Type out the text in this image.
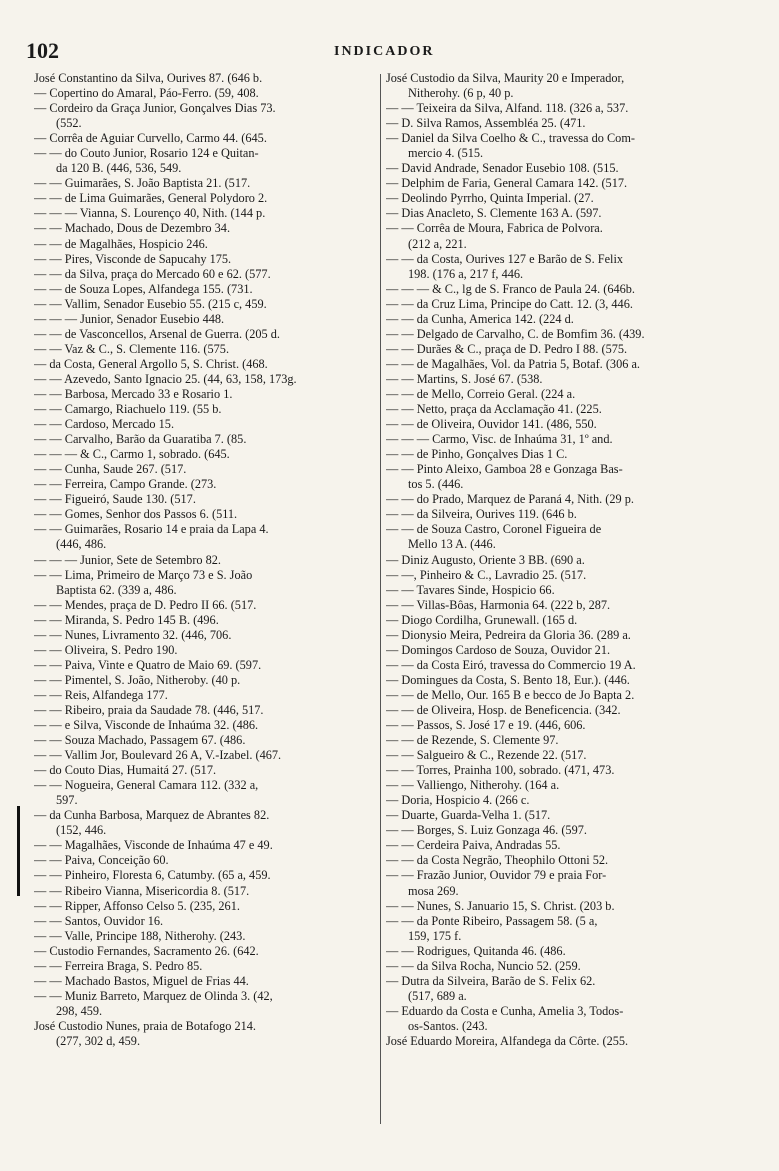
102	INDICADOR
José Constantino da Silva, Ourives 87. (646 b.
— Copertino do Amaral, Páo-Ferro. (59, 408.
— Cordeiro da Graça Junior, Gonçalves Dias 73.
(552.
— Corrêa de Aguiar Curvello, Carmo 44. (645.
— — do Couto Junior, Rosario 124 e Quitan-
da 120 B. (446, 536, 549.
— — Guimarães, S. João Baptista 21. (517.
— — de Lima Guimarães, General Polydoro 2.
— — — Vianna, S. Lourenço 40, Nith. (144 p.
— — Machado, Dous de Dezembro 34.
— — de Magalhães, Hospicio 246.
— — Pires, Visconde de Sapucahy 175.
— — da Silva, praça do Mercado 60 e 62. (577.
— — de Souza Lopes, Alfandega 155. (731.
— — Vallim, Senador Eusebio 55. (215 c, 459.
— — — Junior, Senador Eusebio 448.
— — de Vasconcellos, Arsenal de Guerra. (205 d.
— — Vaz & C., S. Clemente 116. (575.
— da Costa, General Argollo 5, S. Christ. (468.
— — Azevedo, Santo Ignacio 25. (44, 63, 158, 173g.
— — Barbosa, Mercado 33 e Rosario 1.
— — Camargo, Riachuelo 119. (55 b.
— — Cardoso, Mercado 15.
— — Carvalho, Barão da Guaratiba 7. (85.
— — — & C., Carmo 1, sobrado. (645.
— — Cunha, Saude 267. (517.
— — Ferreira, Campo Grande. (273.
— — Figueiró, Saude 130. (517.
— — Gomes, Senhor dos Passos 6. (511.
— — Guimarães, Rosario 14 e praia da Lapa 4.
(446, 486.
— — — Junior, Sete de Setembro 82.
— — Lima, Primeiro de Março 73 e S. João
Baptista 62. (339 a, 486.
— — Mendes, praça de D. Pedro II 66. (517.
— — Miranda, S. Pedro 145 B. (496.
— — Nunes, Livramento 32. (446, 706.
— — Oliveira, S. Pedro 190.
— — Paiva, Vinte e Quatro de Maio 69. (597.
— — Pimentel, S. João, Nitheroby. (40 p.
— — Reis, Alfandega 177.
— — Ribeiro, praia da Saudade 78. (446, 517.
— — e Silva, Visconde de Inhaúma 32. (486.
— — Souza Machado, Passagem 67. (486.
— — Vallim Jor, Boulevard 26 A, V.-Izabel. (467.
— do Couto Dias, Humaitá 27. (517.
— — Nogueira, General Camara 112. (332 a,
597.
— da Cunha Barbosa, Marquez de Abrantes 82.
(152, 446.
— — Magalhães, Visconde de Inhaúma 47 e 49.
— — Paiva, Conceição 60.
— — Pinheiro, Floresta 6, Catumby. (65 a, 459.
— — Ribeiro Vianna, Misericordia 8. (517.
— — Ripper, Affonso Celso 5. (235, 261.
— — Santos, Ouvidor 16.
— — Valle, Principe 188, Nitherohy. (243.
— Custodio Fernandes, Sacramento 26. (642.
— — Ferreira Braga, S. Pedro 85.
— — Machado Bastos, Miguel de Frias 44.
— — Muniz Barreto, Marquez de Olinda 3. (42,
298, 459.
José Custodio Nunes, praia de Botafogo 214.
(277, 302 d, 459.
José Custodio da Silva, Maurity 20 e Imperador,
Nitherohy. (6 p, 40 p.
— — Teixeira da Silva, Alfand. 118. (326 a, 537.
— D. Silva Ramos, Assembléa 25. (471.
— Daniel da Silva Coelho & C., travessa do Com-
mercio 4. (515.
— David Andrade, Senador Eusebio 108. (515.
— Delphim de Faria, General Camara 142. (517.
— Deolindo Pyrrho, Quinta Imperial. (27.
— Dias Anacleto, S. Clemente 163 A. (597.
— — Corrêa de Moura, Fabrica de Polvora.
(212 a, 221.
— — da Costa, Ourives 127 e Barão de S. Felix
198. (176 a, 217 f, 446.
— — — & C., lg de S. Franco de Paula 24. (646b.
— — da Cruz Lima, Principe do Catt. 12. (3, 446.
— — da Cunha, America 142. (224 d.
— — Delgado de Carvalho, C. de Bomfim 36. (439.
— — Durães & C., praça de D. Pedro I 88. (575.
— — de Magalhães, Vol. da Patria 5, Botaf. (306 a.
— — Martins, S. José 67. (538.
— — de Mello, Correio Geral. (224 a.
— — Netto, praça da Acclamação 41. (225.
— — de Oliveira, Ouvidor 141. (486, 550.
— — — Carmo, Visc. de Inhaúma 31, 1º and.
— — de Pinho, Gonçalves Dias 1 C.
— — Pinto Aleixo, Gamboa 28 e Gonzaga Bas-
tos 5. (446.
— — do Prado, Marquez de Paraná 4, Nith. (29 p.
— — da Silveira, Ourives 119. (646 b.
— — de Souza Castro, Coronel Figueira de
Mello 13 A. (446.
— Diniz Augusto, Oriente 3 BB. (690 a.
— —, Pinheiro & C., Lavradio 25. (517.
— — Tavares Sinde, Hospicio 66.
— — Villas-Bôas, Harmonia 64. (222 b, 287.
— Diogo Cordilha, Grunewall. (165 d.
— Dionysio Meira, Pedreira da Gloria 36. (289 a.
— Domingos Cardoso de Souza, Ouvidor 21.
— — da Costa Eiró, travessa do Commercio 19 A.
— Domingues da Costa, S. Bento 18, Eur.). (446.
— — de Mello, Our. 165 B e becco de Jo Bapta 2.
— — de Oliveira, Hosp. de Beneficencia. (342.
— — Passos, S. José 17 e 19. (446, 606.
— — de Rezende, S. Clemente 97.
— — Salgueiro & C., Rezende 22. (517.
— — Torres, Prainha 100, sobrado. (471, 473.
— — Valliengo, Nitherohy. (164 a.
— Doria, Hospicio 4. (266 c.
— Duarte, Guarda-Velha 1. (517.
— — Borges, S. Luiz Gonzaga 46. (597.
— — Cerdeira Paiva, Andradas 55.
— — da Costa Negrão, Theophilo Ottoni 52.
— — Frazão Junior, Ouvidor 79 e praia For-
mosa 269.
— — Nunes, S. Januario 15, S. Christ. (203 b.
— — da Ponte Ribeiro, Passagem 58. (5 a,
159, 175 f.
— — Rodrigues, Quitanda 46. (486.
— — da Silva Rocha, Nuncio 52. (259.
— Dutra da Silveira, Barão de S. Felix 62.
(517, 689 a.
— Eduardo da Costa e Cunha, Amelia 3, Todos-
os-Santos. (243.
José Eduardo Moreira, Alfandega da Côrte. (255.
